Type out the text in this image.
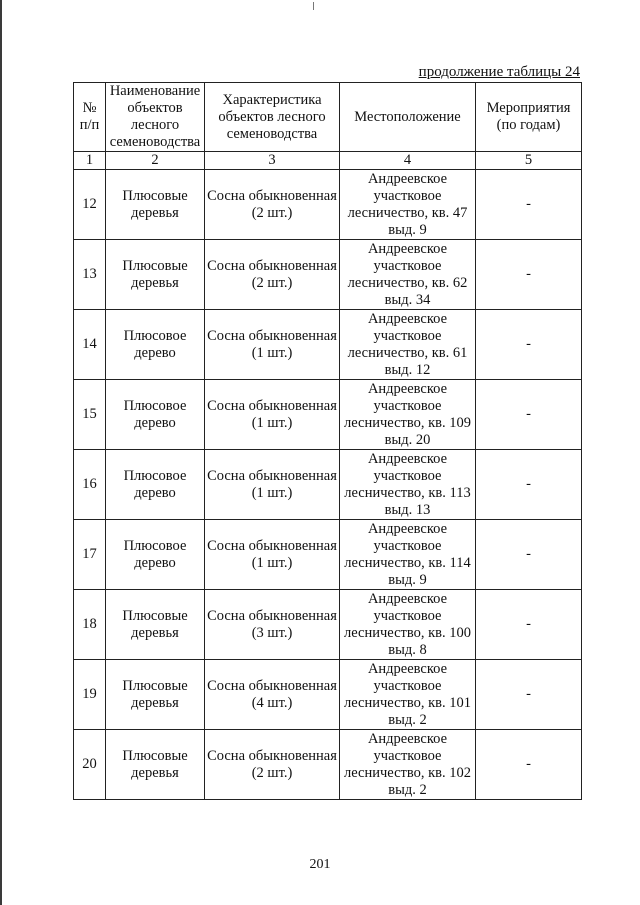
продолжение таблицы 24
№ п/п	Наименование объектов лесного семеноводства	Характеристика объектов лесного семеноводства	Местоположение	Мероприятия (по годам)
1	2	3	4	5
12	Плюсовые деревья	Сосна обыкновенная (2 шт.)	Андреевское участковое лесничество, кв. 47 выд. 9	-
13	Плюсовые деревья	Сосна обыкновенная (2 шт.)	Андреевское участковое лесничество, кв. 62 выд. 34	-
14	Плюсовое дерево	Сосна обыкновенная (1 шт.)	Андреевское участковое лесничество, кв. 61 выд. 12	-
15	Плюсовое дерево	Сосна обыкновенная (1 шт.)	Андреевское участковое лесничество, кв. 109 выд. 20	-
16	Плюсовое дерево	Сосна обыкновенная (1 шт.)	Андреевское участковое лесничество, кв. 113 выд. 13	-
17	Плюсовое дерево	Сосна обыкновенная (1 шт.)	Андреевское участковое лесничество, кв. 114 выд. 9	-
18	Плюсовые деревья	Сосна обыкновенная (3 шт.)	Андреевское участковое лесничество, кв. 100 выд. 8	-
19	Плюсовые деревья	Сосна обыкновенная (4 шт.)	Андреевское участковое лесничество, кв. 101 выд. 2	-
20	Плюсовые деревья	Сосна обыкновенная (2 шт.)	Андреевское участковое лесничество, кв. 102 выд. 2	-
201
